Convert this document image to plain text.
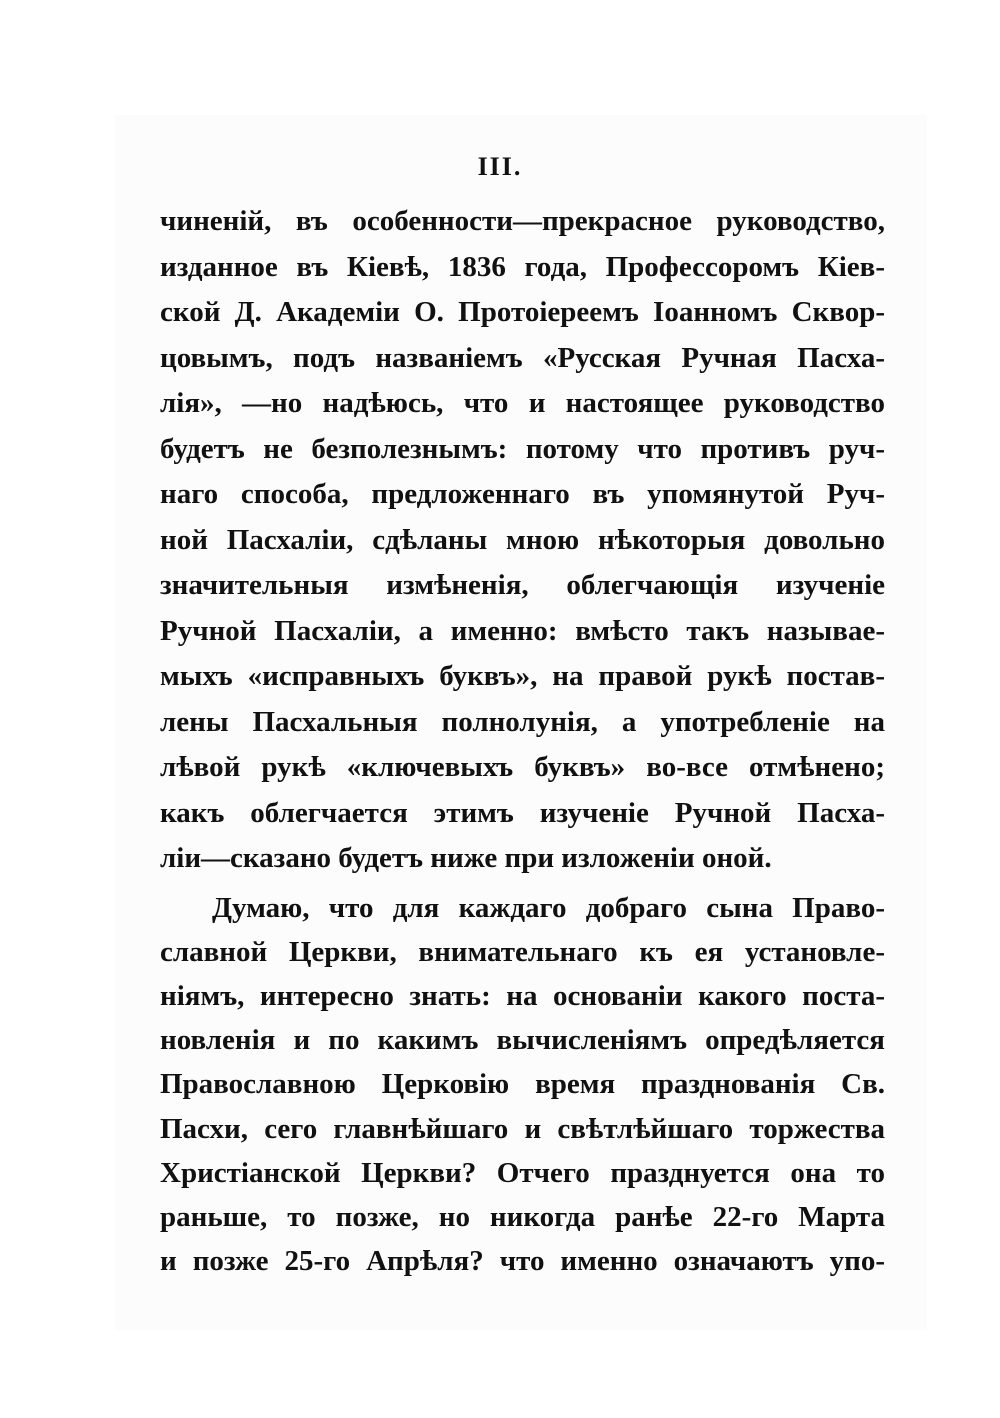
III.
чиненій, въ особенности—прекрасное руководство,
изданное въ Кіевѣ, 1836 года, Профессоромъ Кіев-
ской Д. Академіи О. Протоіереемъ Іоанномъ Сквор-
цовымъ, подъ названіемъ «Русская Ручная Пасха-
лія», —но надѣюсь, что и настоящее руководство
будетъ не безполезнымъ: потому что противъ руч-
наго способа, предложеннаго въ упомянутой Руч-
ной Пасхаліи, сдѣланы мною нѣкоторыя довольно
значительныя измѣненія, облегчающія изученіе
Ручной Пасхаліи, а именно: вмѣсто такъ называе-
мыхъ «исправныхъ буквъ», на правой рукѣ постав-
лены Пасхальныя полнолунія, а употребленіе на
лѣвой рукѣ «ключевыхъ буквъ» во-все отмѣнено;
какъ облегчается этимъ изученіе Ручной Пасха-
ліи—сказано будетъ ниже при изложеніи оной.
Думаю, что для каждаго добраго сына Право-
славной Церкви, внимательнаго къ ея установле-
ніямъ, интересно знать: на основаніи какого поста-
новленія и по какимъ вычисленіямъ опредѣляется
Православною Церковію время празднованія Св.
Пасхи, сего главнѣйшаго и свѣтлѣйшаго торжества
Христіанской Церкви? Отчего празднуется она то
раньше, то позже, но никогда ранѣе 22-го Марта
и позже 25-го Апрѣля? что именно означаютъ упо-
